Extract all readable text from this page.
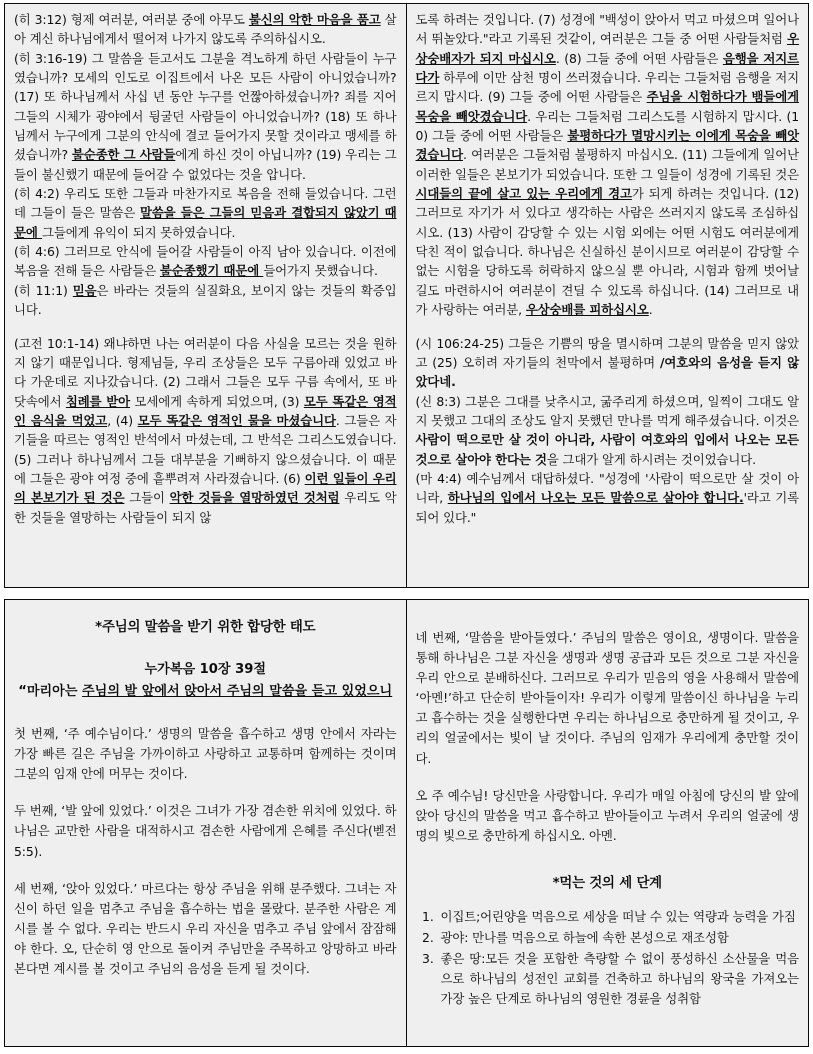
(히 3:12) 형제 여러분, 여러분 중에 아무도 불신의 악한 마음을 품고 살아 계신 하나님에게서 떨어져 나가지 않도록 주의하십시오.

(히 3:16-19) 그 말씀을 듣고서도 그분을 격노하게 하던 사람들이 누구였습니까? 모세의 인도로 이집트에서 나온 모든 사람이 아니었습니까? (17) 또 하나님께서 사십 년 동안 누구를 언짢아하셨습니까? 죄를 지어 그들의 시체가 광야에서 뒹굴던 사람들이 아니었습니까? (18) 또 하나님께서 누구에게 그분의 안식에 결코 들어가지 못할 것이라고 맹세를 하셨습니까? 불순종한 그 사람들에게 하신 것이 아닙니까? (19) 우리는 그들이 불신했기 때문에 들어갈 수 없었다는 것을 압니다.

(히 4:2) 우리도 또한 그들과 마찬가지로 복음을 전해 들었습니다. 그런데 그들이 들은 말씀은 말씀을 들은 그들의 믿음과 결합되지 않았기 때문에 그들에게 유익이 되지 못하였습니다.

(히 4:6) 그러므로 안식에 들어갈 사람들이 아직 남아 있습니다. 이전에 복음을 전해 들은 사람들은 불순종했기 때문에 들어가지 못했습니다.

(히 11:1) 믿음은 바라는 것들의 실질화요, 보이지 않는 것들의 확증입니다.

(고전 10:1-14) 왜냐하면 나는 여러분이 다음 사실을 모르는 것을 원하지 않기 때문입니다. 형제님들, 우리 조상들은 모두 구름아래 있었고 바다 가운데로 지나갔습니다. (2) 그래서 그들은 모두 구름 속에서, 또 바닷속에서 침례를 받아 모세에게 속하게 되었으며, (3) 모두 똑같은 영적인 음식을 먹었고, (4) 모두 똑같은 영적인 물을 마셨습니다. 그들은 자기들을 따르는 영적인 반석에서 마셨는데, 그 반석은 그리스도였습니다. (5) 그러나 하나님께서 그들 대부분을 기뻐하지 않으셨습니다. 이 때문에 그들은 광야 여정 중에 흩뿌려져 사라졌습니다. (6) 이런 일들이 우리의 본보기가 된 것은 그들이 악한 것들을 열망하였던 것처럼 우리도 악한 것들을 열망하는 사람들이 되지 않

도록 하려는 것입니다. (7) 성경에 "백성이 앉아서 먹고 마셨으며 일어나서 뛰놀았다."라고 기록된 것같이, 여러분은 그들 중 어떤 사람들처럼 우상숭배자가 되지 마십시오. (8) 그들 중에 어떤 사람들은 음행을 저지르다가 하루에 이만 삼천 명이 쓰러졌습니다. 우리는 그들처럼 음행을 저지르지 맙시다. (9) 그들 중에 어떤 사람들은 주님을 시험하다가 뱀들에게 목숨을 빼앗겼습니다. 우리는 그들처럼 그리스도를 시험하지 맙시다. (10) 그들 중에 어떤 사람들은 불평하다가 멸망시키는 이에게 목숨을 빼앗겼습니다. 여러분은 그들처럼 불평하지 마십시오. (11) 그들에게 일어난 이러한 일들은 본보기가 되었습니다. 또한 그 일들이 성경에 기록된 것은 시대들의 끝에 살고 있는 우리에게 경고가 되게 하려는 것입니다. (12) 그러므로 자기가 서 있다고 생각하는 사람은 쓰러지지 않도록 조심하십시오. (13) 사람이 감당할 수 있는 시험 외에는 어떤 시험도 여러분에게 닥친 적이 없습니다. 하나님은 신실하신 분이시므로 여러분이 감당할 수 없는 시험을 당하도록 허락하지 않으실 뿐 아니라, 시험과 함께 벗어날 길도 마련하시어 여러분이 견딜 수 있도록 하십니다. (14) 그러므로 내가 사랑하는 여러분, 우상숭배를 피하십시오.

(시 106:24-25) 그들은 기쁨의 땅을 멸시하며 그분의 말씀을 믿지 않았고 (25) 오히려 자기들의 천막에서 불평하며 /여호와의 음성을 듣지 않았다네.

(신 8:3) 그분은 그대를 낮추시고, 굶주리게 하셨으며, 일찍이 그대도 알지 못했고 그대의 조상도 알지 못했던 만나를 먹게 해주셨습니다. 이것은 사람이 떡으로만 살 것이 아니라, 사람이 여호와의 입에서 나오는 모든 것으로 살아야 한다는 것을 그대가 알게 하시려는 것이었습니다.

(마 4:4) 예수님께서 대답하셨다. "성경에 '사람이 떡으로만 살 것이 아니라, 하나님의 입에서 나오는 모든 말씀으로 살아야 합니다.'라고 기록되어 있다."

*주님의 말씀을 받기 위한 합당한 태도
누가복음 10장 39절
“마리아는 주님의 발 앞에서 앉아서 주님의 말씀을 듣고 있었으니

첫 번째, ‘주 예수님이다.’ 생명의 말씀을 흡수하고 생명 안에서 자라는 가장 빠른 길은 주님을 가까이하고 사랑하고 교통하며 함께하는 것이며 그분의 임재 안에 머무는 것이다.

두 번째, ‘발 앞에 있었다.’ 이것은 그녀가 가장 겸손한 위치에 있었다. 하나님은 교만한 사람을 대적하시고 겸손한 사람에게 은혜를 주신다(벧전 5:5).

세 번째, ‘앉아 있었다.’ 마르다는 항상 주님을 위해 분주했다. 그녀는 자신이 하던 일을 멈추고 주님을 흡수하는 법을 몰랐다. 분주한 사람은 계시를 볼 수 없다. 우리는 반드시 우리 자신을 멈추고 주님 앞에서 잠잠해야 한다. 오, 단순히 영 안으로 돌이켜 주님만을 주목하고 앙망하고 바라본다면 계시를 볼 것이고 주님의 음성을 듣게 될 것이다.

네 번째, ‘말씀을 받아들였다.’ 주님의 말씀은 영이요, 생명이다. 말씀을 통해 하나님은 그분 자신을 생명과 생명 공급과 모든 것으로 그분 자신을 우리 안으로 분배하신다. 그러므로 우리가 믿음의 영을 사용해서 말씀에 ‘아멘!’하고 단순히 받아들이자! 우리가 이렇게 말씀이신 하나님을 누리고 흡수하는 것을 실행한다면 우리는 하나님으로 충만하게 될 것이고, 우리의 얼굴에서는 빛이 날 것이다. 주님의 임재가 우리에게 충만할 것이다.

오 주 예수님! 당신만을 사랑합니다. 우리가 매일 아침에 당신의 발 앞에 앉아 당신의 말씀을 먹고 흡수하고 받아들이고 누려서 우리의 얼굴에 생명의 빛으로 충만하게 하십시오. 아멘.

*먹는 것의 세 단계
1. 이집트;어린양을 먹음으로 세상을 떠날 수 있는 역량과 능력을 가짐
2. 광야: 만나를 먹음으로 하늘에 속한 본성으로 재조성함
3. 좋은 땅:모든 것을 포함한 측량할 수 없이 풍성하신 소산물을 먹음으로 하나님의 성전인 교회를 건축하고 하나님의 왕국을 가져오는 가장 높은 단계로 하나님의 영원한 경륜을 성취함
